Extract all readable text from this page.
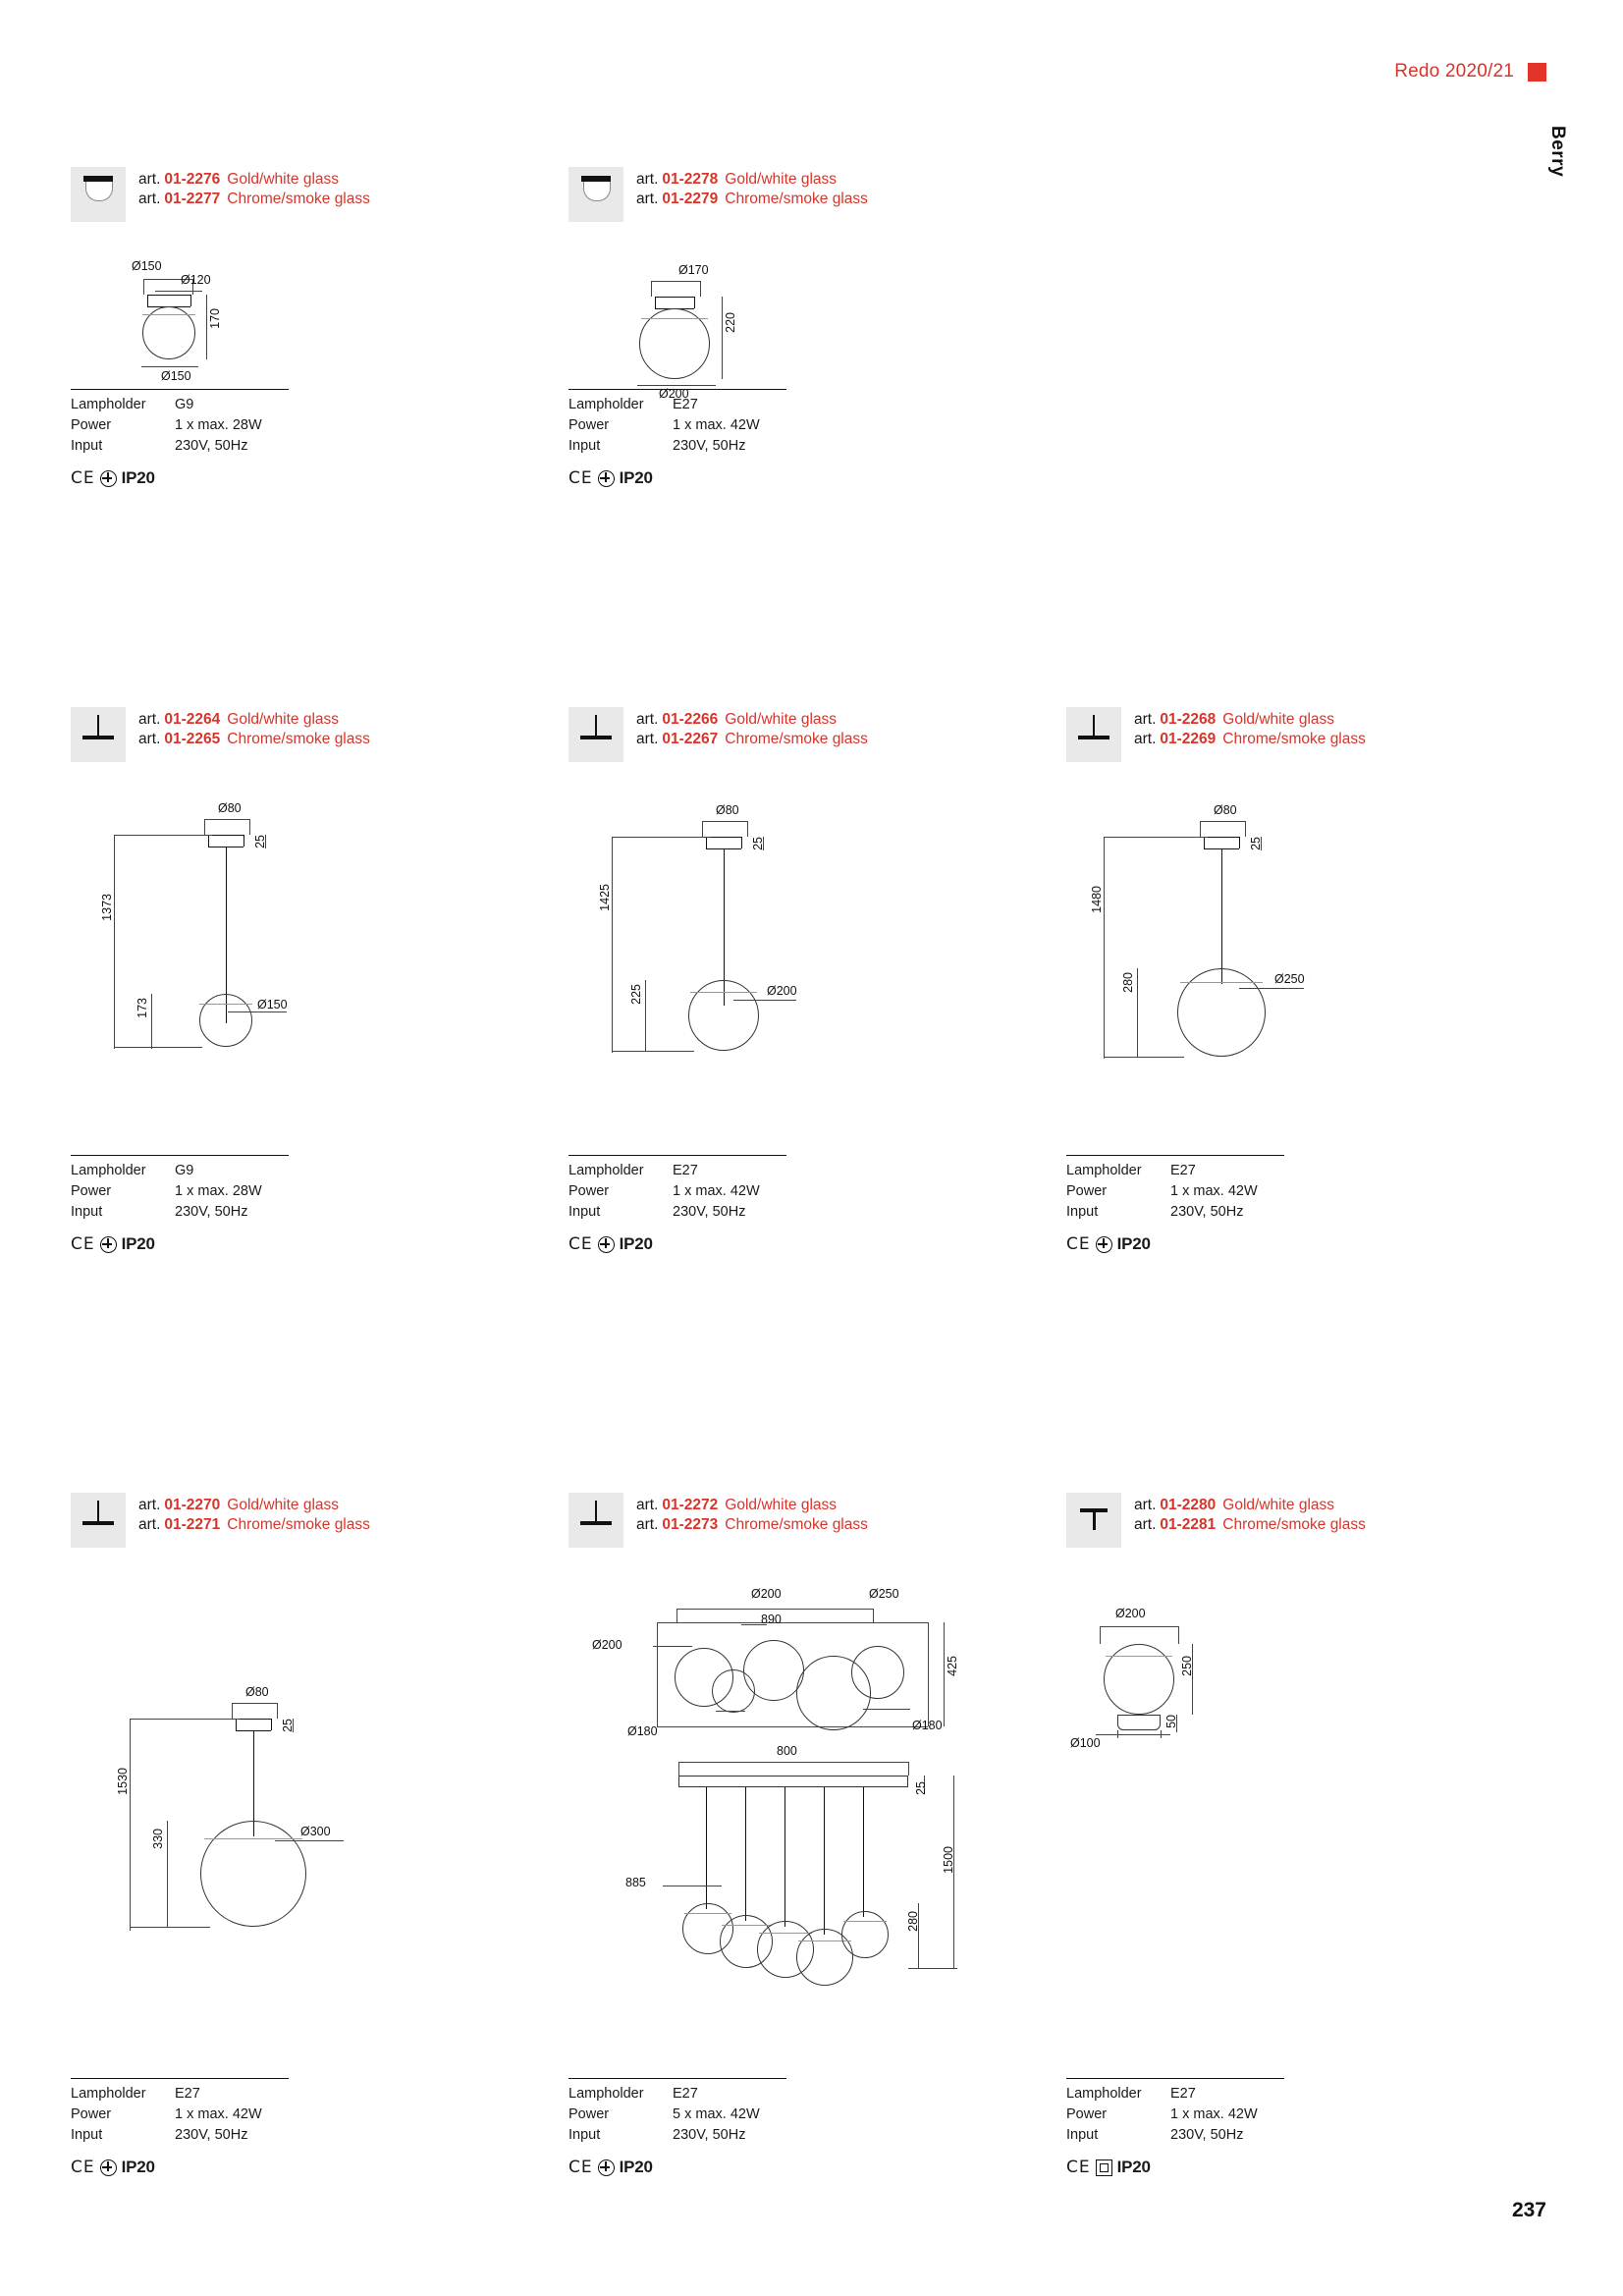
Redo 2020/21
Berry
237
art. 01-2276 Gold/white glass
art. 01-2277 Chrome/smoke glass
Ø150
Ø120
170
Ø150
Lampholder	G9
Power	1 x max. 28W
Input	230V, 50Hz
CE IP20
art. 01-2278 Gold/white glass
art. 01-2279 Chrome/smoke glass
Ø170
220
Ø200
Lampholder	E27
Power	1 x max. 42W
Input	230V, 50Hz
CE IP20
art. 01-2264 Gold/white glass
art. 01-2265 Chrome/smoke glass
Ø80
25
1373
173	Ø150
Lampholder	G9
Power	1 x max. 28W
Input	230V, 50Hz
CE IP20
art. 01-2266 Gold/white glass
art. 01-2267 Chrome/smoke glass
Ø80
25
1425
225	Ø200
Lampholder	E27
Power	1 x max. 42W
Input	230V, 50Hz
CE IP20
art. 01-2268 Gold/white glass
art. 01-2269 Chrome/smoke glass
Ø80
25
1480
280	Ø250
Lampholder	E27
Power	1 x max. 42W
Input	230V, 50Hz
CE IP20
art. 01-2270 Gold/white glass
art. 01-2271 Chrome/smoke glass
Ø80
25
1530
330	Ø300
Lampholder	E27
Power	1 x max. 42W
Input	230V, 50Hz
CE IP20
art. 01-2272 Gold/white glass
art. 01-2273 Chrome/smoke glass
Ø200	Ø250
890
Ø200
425
Ø180	Ø180
800
25
885
1500
280
Lampholder	E27
Power	5 x max. 42W
Input	230V, 50Hz
CE IP20
art. 01-2280 Gold/white glass
art. 01-2281 Chrome/smoke glass
Ø200
250
Ø100
50
Lampholder	E27
Power	1 x max. 42W
Input	230V, 50Hz
CE IP20
